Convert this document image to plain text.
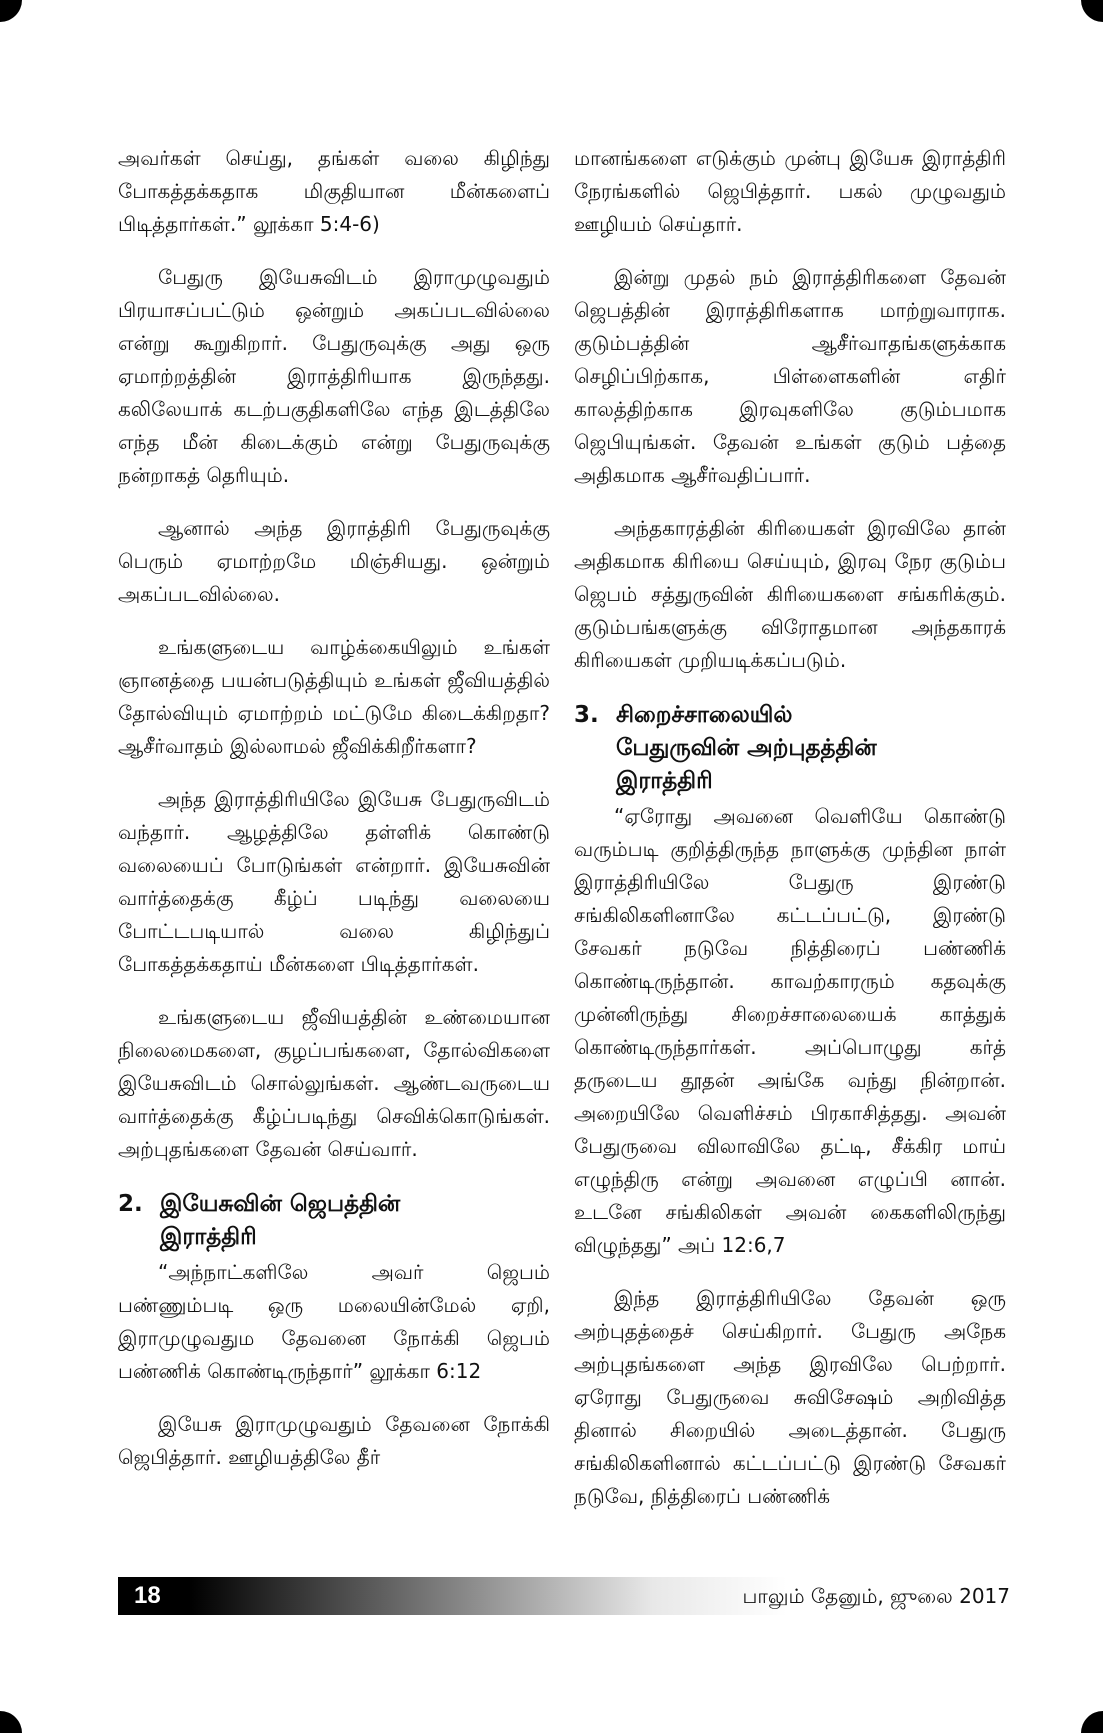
அவர்கள் செய்து, தங்கள் வலை கிழிந்து போகத்தக்கதாக மிகுதியான மீன்களைப் பிடித்தார்கள்.” லூக்கா 5:4-6)

பேதுரு இயேசுவிடம் இராமுழுவதும் பிரயாசப்பட்டும் ஒன்றும் அகப்படவில்லை என்று கூறுகிறார். பேதுருவுக்கு அது ஒரு ஏமாற்றத்தின் இராத்திரியாக இருந்தது. கலிலேயாக் கடற்பகுதிகளிலே எந்த இடத்திலே எந்த மீன் கிடைக்கும் என்று பேதுருவுக்கு நன்றாகத் தெரியும்.

ஆனால் அந்த இராத்திரி பேதுருவுக்கு பெரும் ஏமாற்றமே மிஞ்சியது. ஒன்றும் அகப்படவில்லை.

உங்களுடைய வாழ்க்கையிலும் உங்கள் ஞானத்தை பயன்படுத்தியும் உங்கள் ஜீவியத்தில் தோல்வியும் ஏமாற்றம் மட்டுமே கிடைக்கிறதா? ஆசீர்வாதம் இல்லாமல் ஜீவிக்கிறீர்களா?

அந்த இராத்திரியிலே இயேசு பேதுருவிடம் வந்தார். ஆழத்திலே தள்ளிக் கொண்டு வலையைப் போடுங்கள் என்றார். இயேசுவின் வார்த்தைக்கு கீழ்ப் படிந்து வலையை போட்டபடியால் வலை கிழிந்துப் போகத்தக்கதாய் மீன்களை பிடித்தார்கள்.

உங்களுடைய ஜீவியத்தின் உண்மையான நிலைமைகளை, குழப்பங்களை, தோல்விகளை இயேசுவிடம் சொல்லுங்கள். ஆண்டவருடைய வார்த்தைக்கு கீழ்ப்படிந்து செவிக்கொடுங்கள். அற்புதங்களை தேவன் செய்வார்.

2. இயேசுவின் ஜெபத்தின்
இராத்திரி

“அந்நாட்களிலே அவர் ஜெபம் பண்ணும்படி ஒரு மலையின்மேல் ஏறி, இராமுழுவதும தேவனை நோக்கி ஜெபம் பண்ணிக் கொண்டிருந்தார்” லூக்கா 6:12

இயேசு இராமுழுவதும் தேவனை நோக்கி ஜெபித்தார். ஊழியத்திலே தீர்

மானங்களை எடுக்கும் முன்பு இயேசு இராத்திரி நேரங்களில் ஜெபித்தார். பகல் முழுவதும் ஊழியம் செய்தார்.

இன்று முதல் நம் இராத்திரிகளை தேவன் ஜெபத்தின் இராத்திரிகளாக மாற்றுவாராக. குடும்பத்தின் ஆசீர்வாதங்களுக்காக செழிப்பிற்காக, பிள்ளைகளின் எதிர் காலத்திற்காக இரவுகளிலே குடும்பமாக ஜெபியுங்கள். தேவன் உங்கள் குடும் பத்தை அதிகமாக ஆசீர்வதிப்பார்.

அந்தகாரத்தின் கிரியைகள் இரவிலே தான் அதிகமாக கிரியை செய்யும், இரவு நேர குடும்ப ஜெபம் சத்துருவின் கிரியைகளை சங்கரிக்கும். குடும்பங்களுக்கு விரோதமான அந்தகாரக் கிரியைகள் முறியடிக்கப்படும்.

3. சிறைச்சாலையில்
பேதுருவின் அற்புதத்தின்
இராத்திரி

“ஏரோது அவனை வெளியே கொண்டு வரும்படி குறித்திருந்த நாளுக்கு முந்தின நாள் இராத்திரியிலே பேதுரு இரண்டு சங்கிலிகளினாலே கட்டப்பட்டு, இரண்டு சேவகர் நடுவே நித்திரைப் பண்ணிக் கொண்டிருந்தான். காவற்காரரும் கதவுக்கு முன்னிருந்து சிறைச்சாலையைக் காத்துக் கொண்டிருந்தார்கள். அப்பொழுது கர்த் தருடைய தூதன் அங்கே வந்து நின்றான். அறையிலே வெளிச்சம் பிரகாசித்தது. அவன் பேதுருவை விலாவிலே தட்டி, சீக்கிர மாய் எழுந்திரு என்று அவனை எழுப்பி னான். உடனே சங்கிலிகள் அவன் கைகளிலிருந்து விழுந்தது” அப் 12:6,7

இந்த இராத்திரியிலே தேவன் ஒரு அற்புதத்தைச் செய்கிறார். பேதுரு அநேக அற்புதங்களை அந்த இரவிலே பெற்றார். ஏரோது பேதுருவை சுவிசேஷம் அறிவித்த தினால் சிறையில் அடைத்தான். பேதுரு சங்கிலிகளினால் கட்டப்பட்டு இரண்டு சேவகர் நடுவே, நித்திரைப் பண்ணிக்

18	பாலும் தேனும், ஜுலை 2017
